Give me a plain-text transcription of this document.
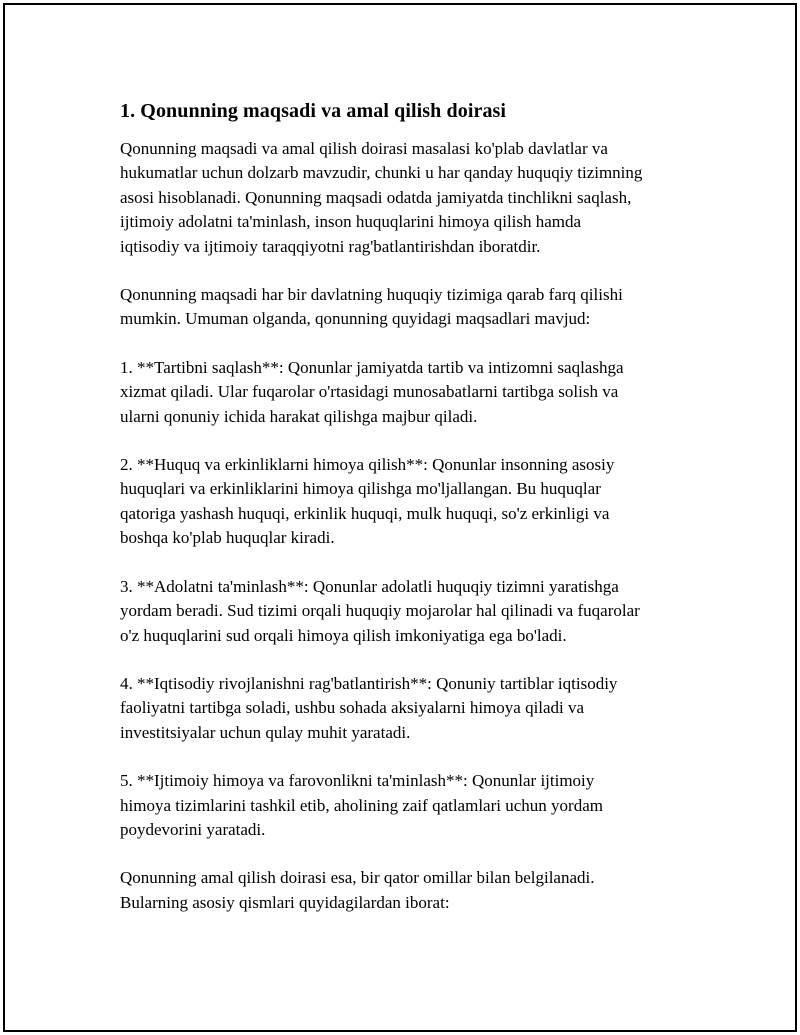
1. Qonunning maqsadi va amal qilish doirasi

Qonunning maqsadi va amal qilish doirasi masalasi ko'plab davlatlar va
hukumatlar uchun dolzarb mavzudir, chunki u har qanday huquqiy tizimning
asosi hisoblanadi. Qonunning maqsadi odatda jamiyatda tinchlikni saqlash,
ijtimoiy adolatni ta'minlash, inson huquqlarini himoya qilish hamda
iqtisodiy va ijtimoiy taraqqiyotni rag'batlantirishdan iboratdir.

Qonunning maqsadi har bir davlatning huquqiy tizimiga qarab farq qilishi
mumkin. Umuman olganda, qonunning quyidagi maqsadlari mavjud:

1. **Tartibni saqlash**: Qonunlar jamiyatda tartib va intizomni saqlashga
xizmat qiladi. Ular fuqarolar o'rtasidagi munosabatlarni tartibga solish va
ularni qonuniy ichida harakat qilishga majbur qiladi.

2. **Huquq va erkinliklarni himoya qilish**: Qonunlar insonning asosiy
huquqlari va erkinliklarini himoya qilishga mo'ljallangan. Bu huquqlar
qatoriga yashash huquqi, erkinlik huquqi, mulk huquqi, so'z erkinligi va
boshqa ko'plab huquqlar kiradi.

3. **Adolatni ta'minlash**: Qonunlar adolatli huquqiy tizimni yaratishga
yordam beradi. Sud tizimi orqali huquqiy mojarolar hal qilinadi va fuqarolar
o'z huquqlarini sud orqali himoya qilish imkoniyatiga ega bo'ladi.

4. **Iqtisodiy rivojlanishni rag'batlantirish**: Qonuniy tartiblar iqtisodiy
faoliyatni tartibga soladi, ushbu sohada aksiyalarni himoya qiladi va
investitsiyalar uchun qulay muhit yaratadi.

5. **Ijtimoiy himoya va farovonlikni ta'minlash**: Qonunlar ijtimoiy
himoya tizimlarini tashkil etib, aholining zaif qatlamlari uchun yordam
poydevorini yaratadi.

Qonunning amal qilish doirasi esa, bir qator omillar bilan belgilanadi.
Bularning asosiy qismlari quyidagilardan iborat:
